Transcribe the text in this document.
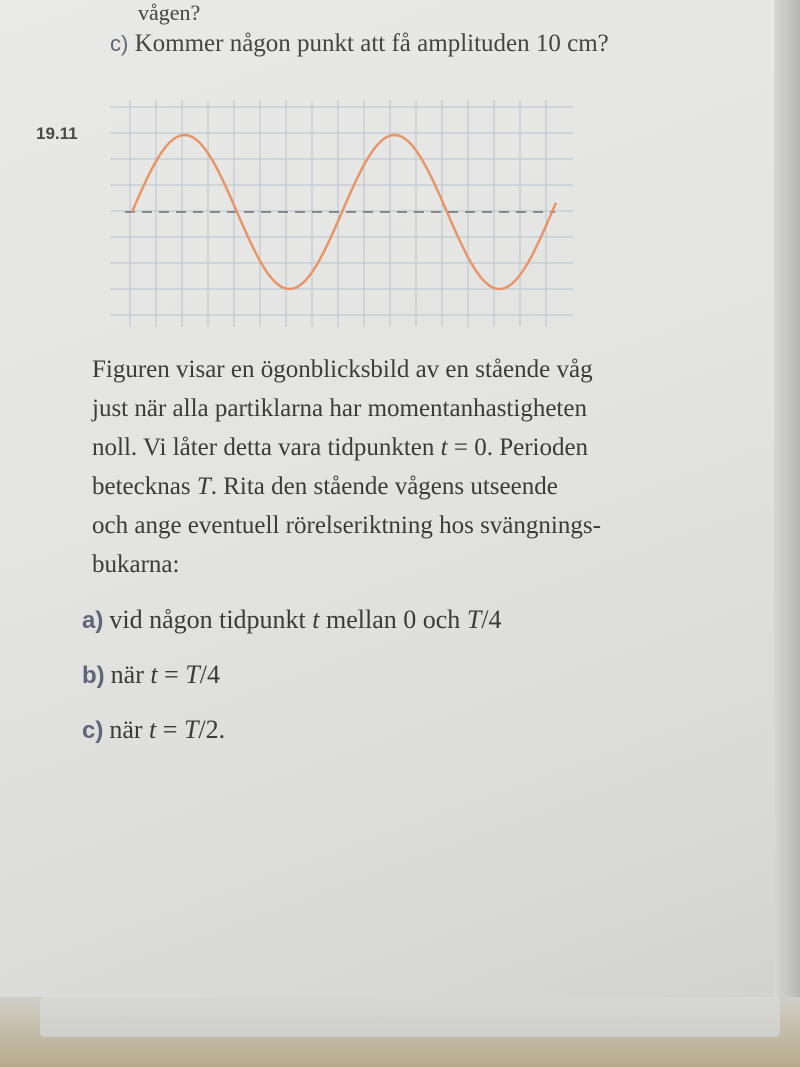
vågen?
c) Kommer någon punkt att få amplituden 10 cm?
19.11
Figuren visar en ögonblicksbild av en stående våg
just när alla partiklarna har momentanhastigheten
noll. Vi låter detta vara tidpunkten t = 0. Perioden
betecknas T. Rita den stående vågens utseende
och ange eventuell rörelseriktning hos svängnings-
bukarna:
a) vid någon tidpunkt t mellan 0 och T/4
b) när t = T/4
c) när t = T/2.
